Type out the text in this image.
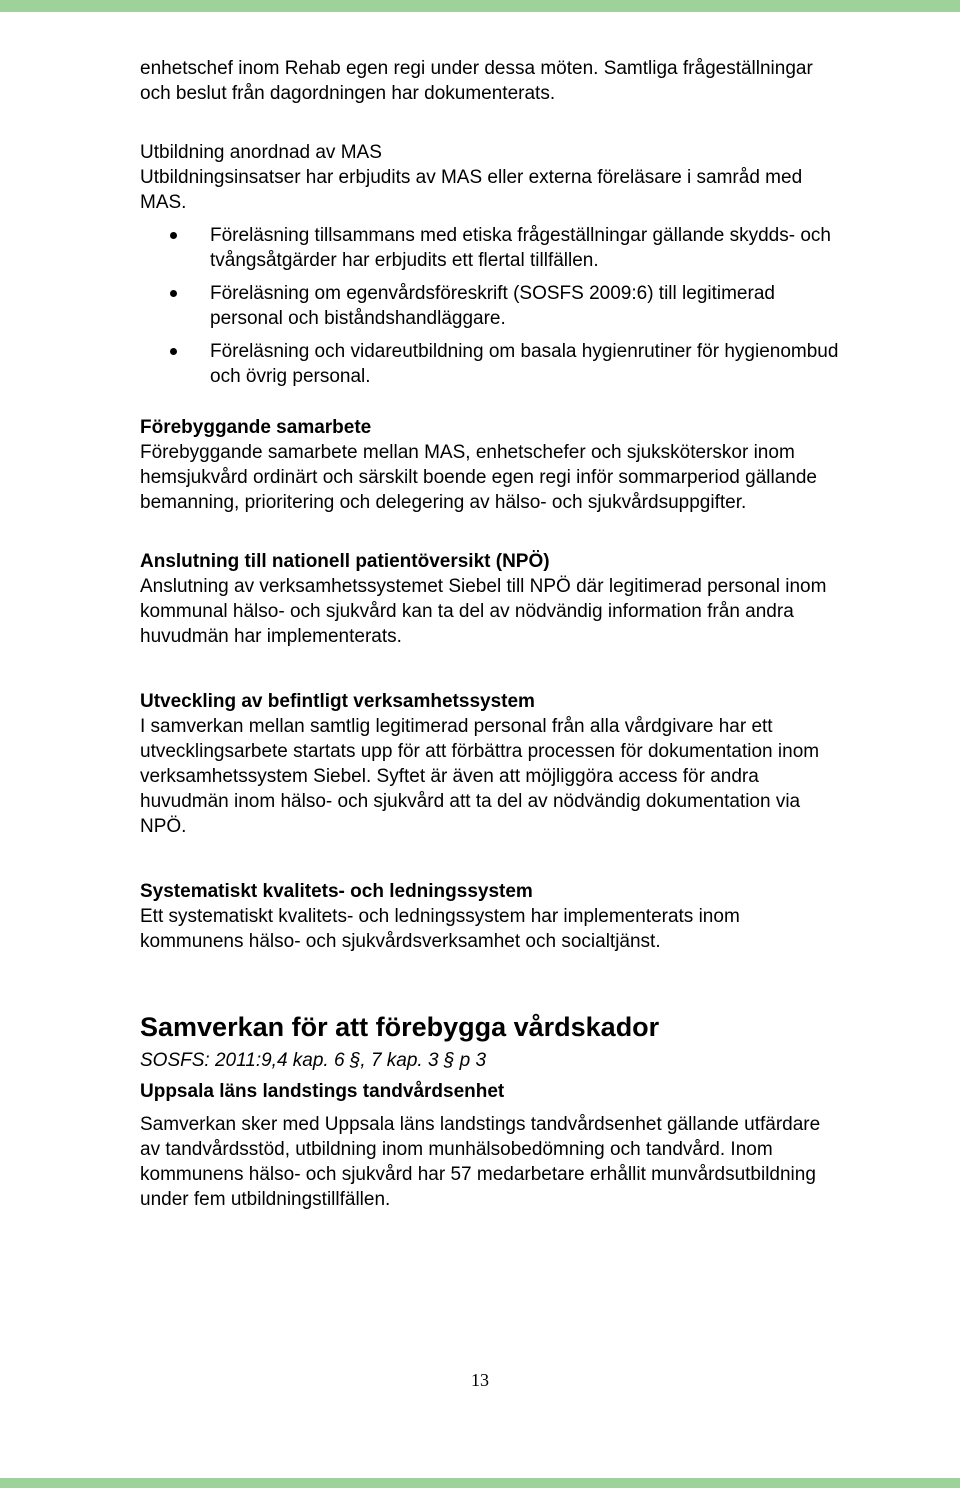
enhetschef inom Rehab egen regi under dessa möten. Samtliga frågeställningar och beslut från dagordningen har dokumenterats.

Utbildning anordnad av MAS

Utbildningsinsatser har erbjudits av MAS eller externa föreläsare i samråd med MAS.

Föreläsning tillsammans med etiska frågeställningar gällande skydds- och tvångsåtgärder har erbjudits ett flertal tillfällen.
Föreläsning om egenvårdsföreskrift (SOSFS 2009:6) till legitimerad personal och biståndshandläggare.
Föreläsning och vidareutbildning om basala hygienrutiner för hygienombud och övrig personal.
Förebyggande samarbete

Förebyggande samarbete mellan MAS, enhetschefer och sjuksköterskor inom hemsjukvård ordinärt och särskilt boende egen regi inför sommarperiod gällande bemanning, prioritering och delegering av hälso- och sjukvårdsuppgifter.

Anslutning till nationell patientöversikt (NPÖ)

Anslutning av verksamhetssystemet Siebel till NPÖ där legitimerad personal inom kommunal hälso- och sjukvård kan ta del av nödvändig information från andra huvudmän har implementerats.

Utveckling av befintligt verksamhetssystem

I samverkan mellan samtlig legitimerad personal från alla vårdgivare har ett utvecklingsarbete startats upp för att förbättra processen för dokumentation inom verksamhetssystem Siebel. Syftet är även att möjliggöra access för andra huvudmän inom hälso- och sjukvård att ta del av nödvändig dokumentation via NPÖ.

Systematiskt kvalitets- och ledningssystem

Ett systematiskt kvalitets- och ledningssystem har implementerats inom kommunens hälso- och sjukvårdsverksamhet och socialtjänst.

Samverkan för att förebygga vårdskador
SOSFS: 2011:9,4 kap. 6 §, 7 kap. 3 § p 3
Uppsala läns landstings tandvårdsenhet

Samverkan sker med Uppsala läns landstings tandvårdsenhet gällande utfärdare av tandvårdsstöd, utbildning inom munhälsobedömning och tandvård. Inom kommunens hälso- och sjukvård har 57 medarbetare erhållit munvårdsutbildning under fem utbildningstillfällen.

13
